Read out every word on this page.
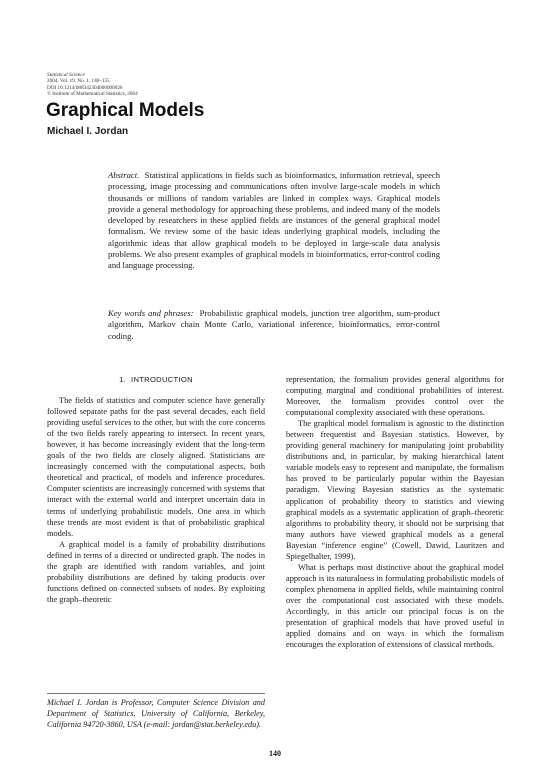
Statistical Science
2004, Vol. 19, No. 1, 140–155
DOI 10.1214/088342304000000026
© Institute of Mathematical Statistics, 2004
Graphical Models
Michael I. Jordan
Abstract. Statistical applications in fields such as bioinformatics, information retrieval, speech processing, image processing and communications often involve large-scale models in which thousands or millions of random variables are linked in complex ways. Graphical models provide a general methodology for approaching these problems, and indeed many of the models developed by researchers in these applied fields are instances of the general graphical model formalism. We review some of the basic ideas underlying graphical models, including the algorithmic ideas that allow graphical models to be deployed in large-scale data analysis problems. We also present examples of graphical models in bioinformatics, error-control coding and language processing.
Key words and phrases: Probabilistic graphical models, junction tree algorithm, sum-product algorithm, Markov chain Monte Carlo, variational inference, bioinformatics, error-control coding.
1. INTRODUCTION

The fields of statistics and computer science have generally followed separate paths for the past several decades, each field providing useful services to the other, but with the core concerns of the two fields rarely appearing to intersect. In recent years, however, it has become increasingly evident that the long-term goals of the two fields are closely aligned. Statisticians are increasingly concerned with the computational aspects, both theoretical and practical, of models and inference procedures. Computer scientists are increasingly concerned with systems that interact with the external world and interpret uncertain data in terms of underlying probabilistic models. One area in which these trends are most evident is that of probabilistic graphical models.

A graphical model is a family of probability distributions defined in terms of a directed or undirected graph. The nodes in the graph are identified with random variables, and joint probability distributions are defined by taking products over functions defined on connected subsets of nodes. By exploiting the graph–theoretic

representation, the formalism provides general algorithms for computing marginal and conditional probabilities of interest. Moreover, the formalism provides control over the computational complexity associated with these operations.

The graphical model formalism is agnostic to the distinction between frequentist and Bayesian statistics. However, by providing general machinery for manipulating joint probability distributions and, in particular, by making hierarchical latent variable models easy to represent and manipulate, the formalism has proved to be particularly popular within the Bayesian paradigm. Viewing Bayesian statistics as the systematic application of probability theory to statistics and viewing graphical models as a systematic application of graph–theoretic algorithms to probability theory, it should not be surprising that many authors have viewed graphical models as a general Bayesian “inference engine” (Cowell, Dawid, Lauritzen and Spiegelhalter, 1999).

What is perhaps most distinctive about the graphical model approach is its naturalness in formulating probabilistic models of complex phenomena in applied fields, while maintaining control over the computational cost associated with these models. Accordingly, in this article our principal focus is on the presentation of graphical models that have proved useful in applied domains and on ways in which the formalism encourages the exploration of extensions of classical methods.

Michael I. Jordan is Professor, Computer Science Division and Department of Statistics, University of California, Berkeley, California 94720-3860, USA (e-mail: jordan@stat.berkeley.edu).
140
